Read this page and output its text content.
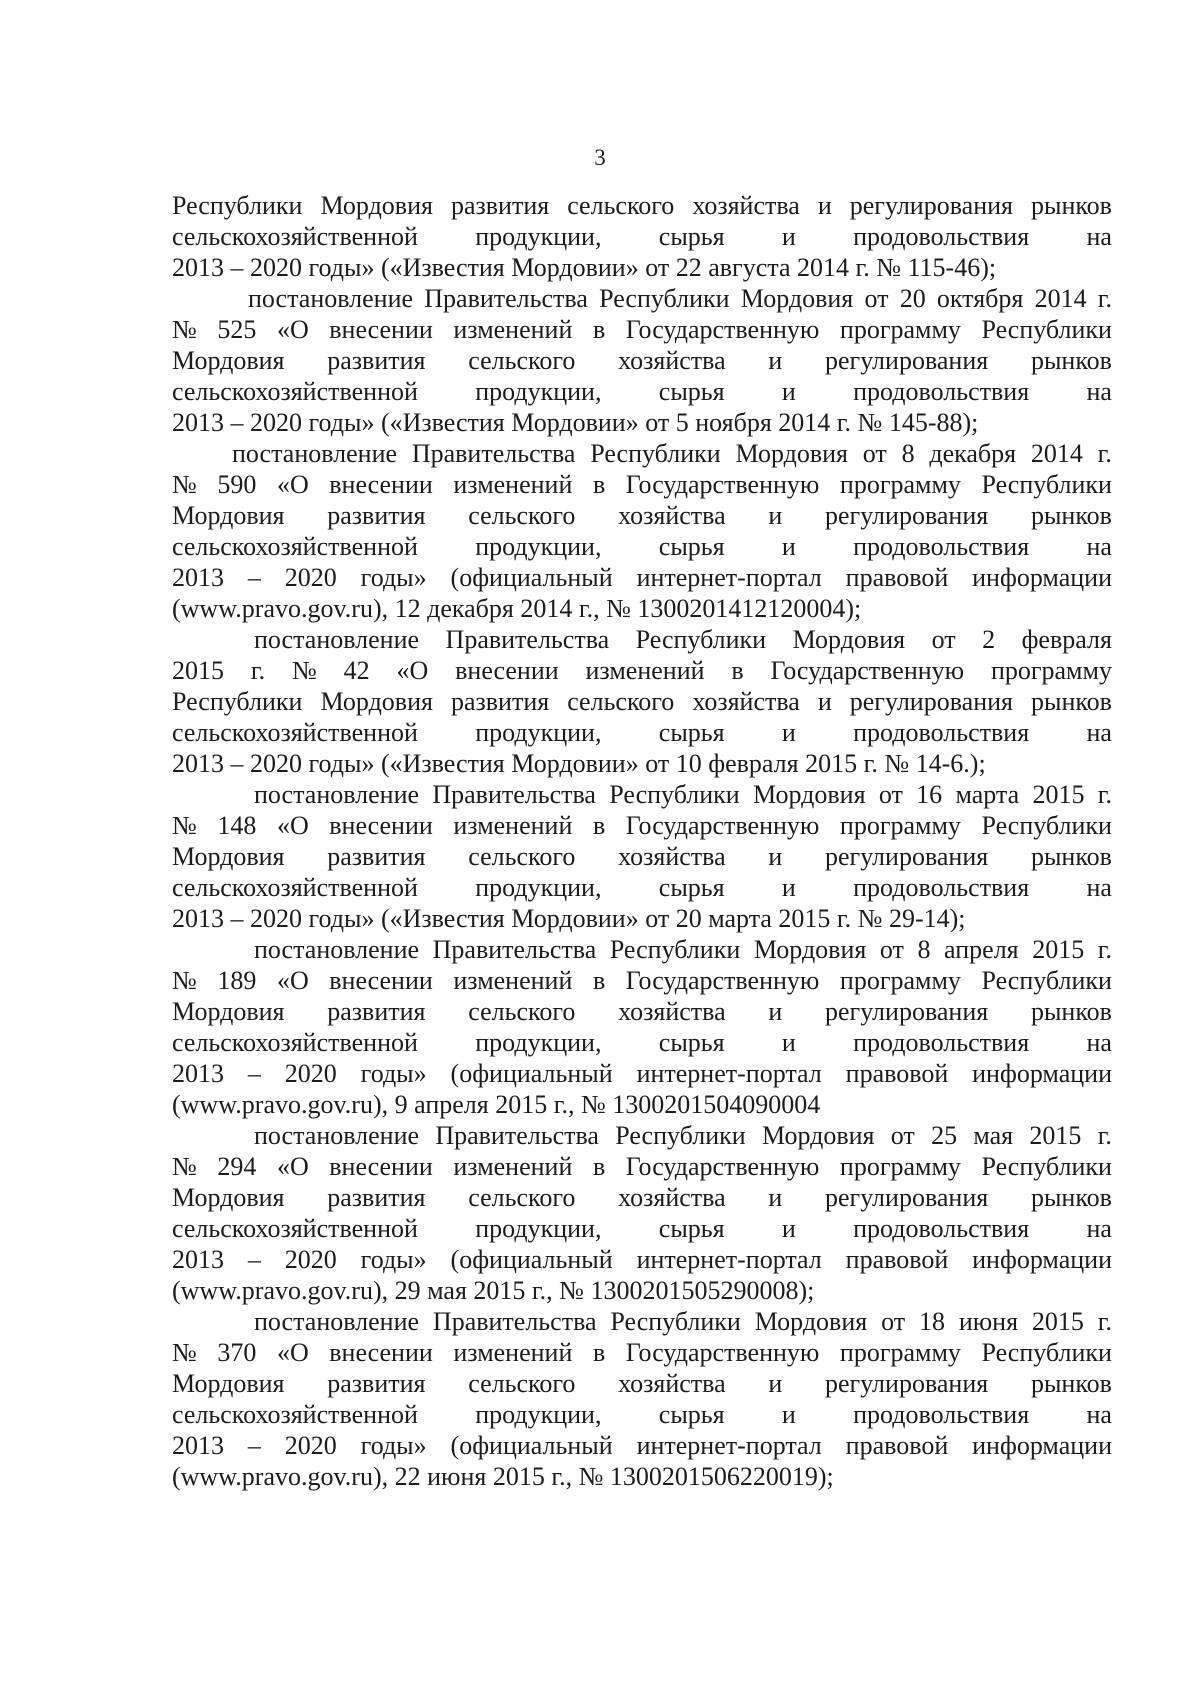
3
Республики Мордовия развития сельского хозяйства и регулирования рынков
сельскохозяйственной продукции, сырья и продовольствия на
2013 – 2020 годы» («Известия Мордовии» от 22 августа 2014 г. № 115-46);
постановление Правительства Республики Мордовия от 20 октября 2014 г.
№ 525 «О внесении изменений в Государственную программу Республики
Мордовия развития сельского хозяйства и регулирования рынков
сельскохозяйственной продукции, сырья и продовольствия на
2013 – 2020 годы» («Известия Мордовии» от 5 ноября 2014 г. № 145-88);
постановление Правительства Республики Мордовия от 8 декабря 2014 г.
№ 590 «О внесении изменений в Государственную программу Республики
Мордовия развития сельского хозяйства и регулирования рынков
сельскохозяйственной продукции, сырья и продовольствия на
2013 – 2020 годы» (официальный интернет-портал правовой информации
(www.pravo.gov.ru), 12 декабря 2014 г., № 1300201412120004);
постановление Правительства Республики Мордовия от 2 февраля
2015 г. № 42 «О внесении изменений в Государственную программу
Республики Мордовия развития сельского хозяйства и регулирования рынков
сельскохозяйственной продукции, сырья и продовольствия на
2013 – 2020 годы» («Известия Мордовии» от 10 февраля 2015 г. № 14-6.);
постановление Правительства Республики Мордовия от 16 марта 2015 г.
№ 148 «О внесении изменений в Государственную программу Республики
Мордовия развития сельского хозяйства и регулирования рынков
сельскохозяйственной продукции, сырья и продовольствия на
2013 – 2020 годы» («Известия Мордовии» от 20 марта 2015 г. № 29-14);
постановление Правительства Республики Мордовия от 8 апреля 2015 г.
№ 189 «О внесении изменений в Государственную программу Республики
Мордовия развития сельского хозяйства и регулирования рынков
сельскохозяйственной продукции, сырья и продовольствия на
2013 – 2020 годы» (официальный интернет-портал правовой информации
(www.pravo.gov.ru), 9 апреля 2015 г., № 1300201504090004
постановление Правительства Республики Мордовия от 25 мая 2015 г.
№ 294 «О внесении изменений в Государственную программу Республики
Мордовия развития сельского хозяйства и регулирования рынков
сельскохозяйственной продукции, сырья и продовольствия на
2013 – 2020 годы» (официальный интернет-портал правовой информации
(www.pravo.gov.ru), 29 мая 2015 г., № 1300201505290008);
постановление Правительства Республики Мордовия от 18 июня 2015 г.
№ 370 «О внесении изменений в Государственную программу Республики
Мордовия развития сельского хозяйства и регулирования рынков
сельскохозяйственной продукции, сырья и продовольствия на
2013 – 2020 годы» (официальный интернет-портал правовой информации
(www.pravo.gov.ru), 22 июня 2015 г., № 1300201506220019);
